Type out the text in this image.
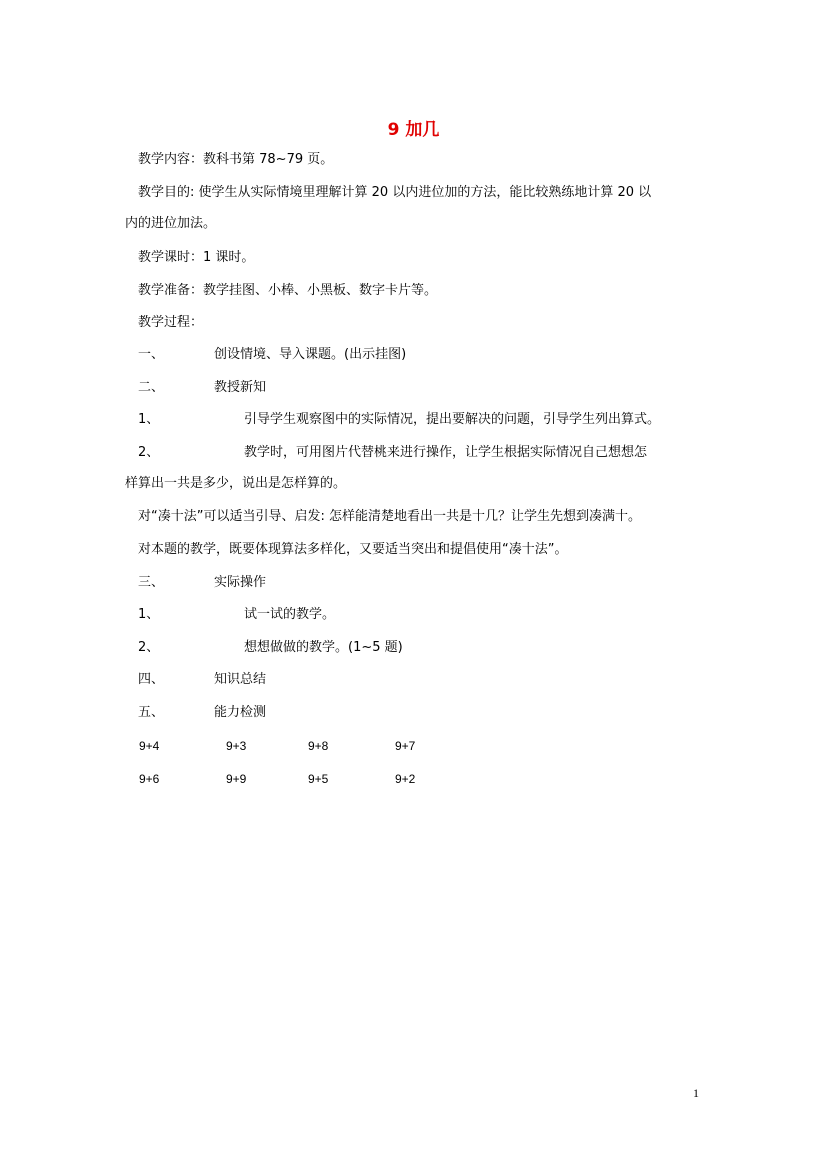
9 加几
教学内容：教科书第 78~79 页。
教学目的: 使学生从实际情境里理解计算 20 以内进位加的方法，能比较熟练地计算 20 以
内的进位加法。
教学课时：1 课时。
教学准备：教学挂图、小棒、小黑板、数字卡片等。
教学过程：
一、	创设情境、导入课题。(出示挂图)
二、	教授新知
1、	引导学生观察图中的实际情况，提出要解决的问题，引导学生列出算式。
2、	教学时，可用图片代替桃来进行操作，让学生根据实际情况自己想想怎
样算出一共是多少，说出是怎样算的。
对“凑十法”可以适当引导、启发: 怎样能清楚地看出一共是十几？让学生先想到凑满十。
对本题的教学，既要体现算法多样化，又要适当突出和提倡使用“凑十法”。
三、	实际操作
1、	试一试的教学。
2、	想想做做的教学。(1~5 题)
四、	知识总结
五、	能力检测
9+4	9+3	9+8	9+7
9+6	9+9	9+5	9+2
1
